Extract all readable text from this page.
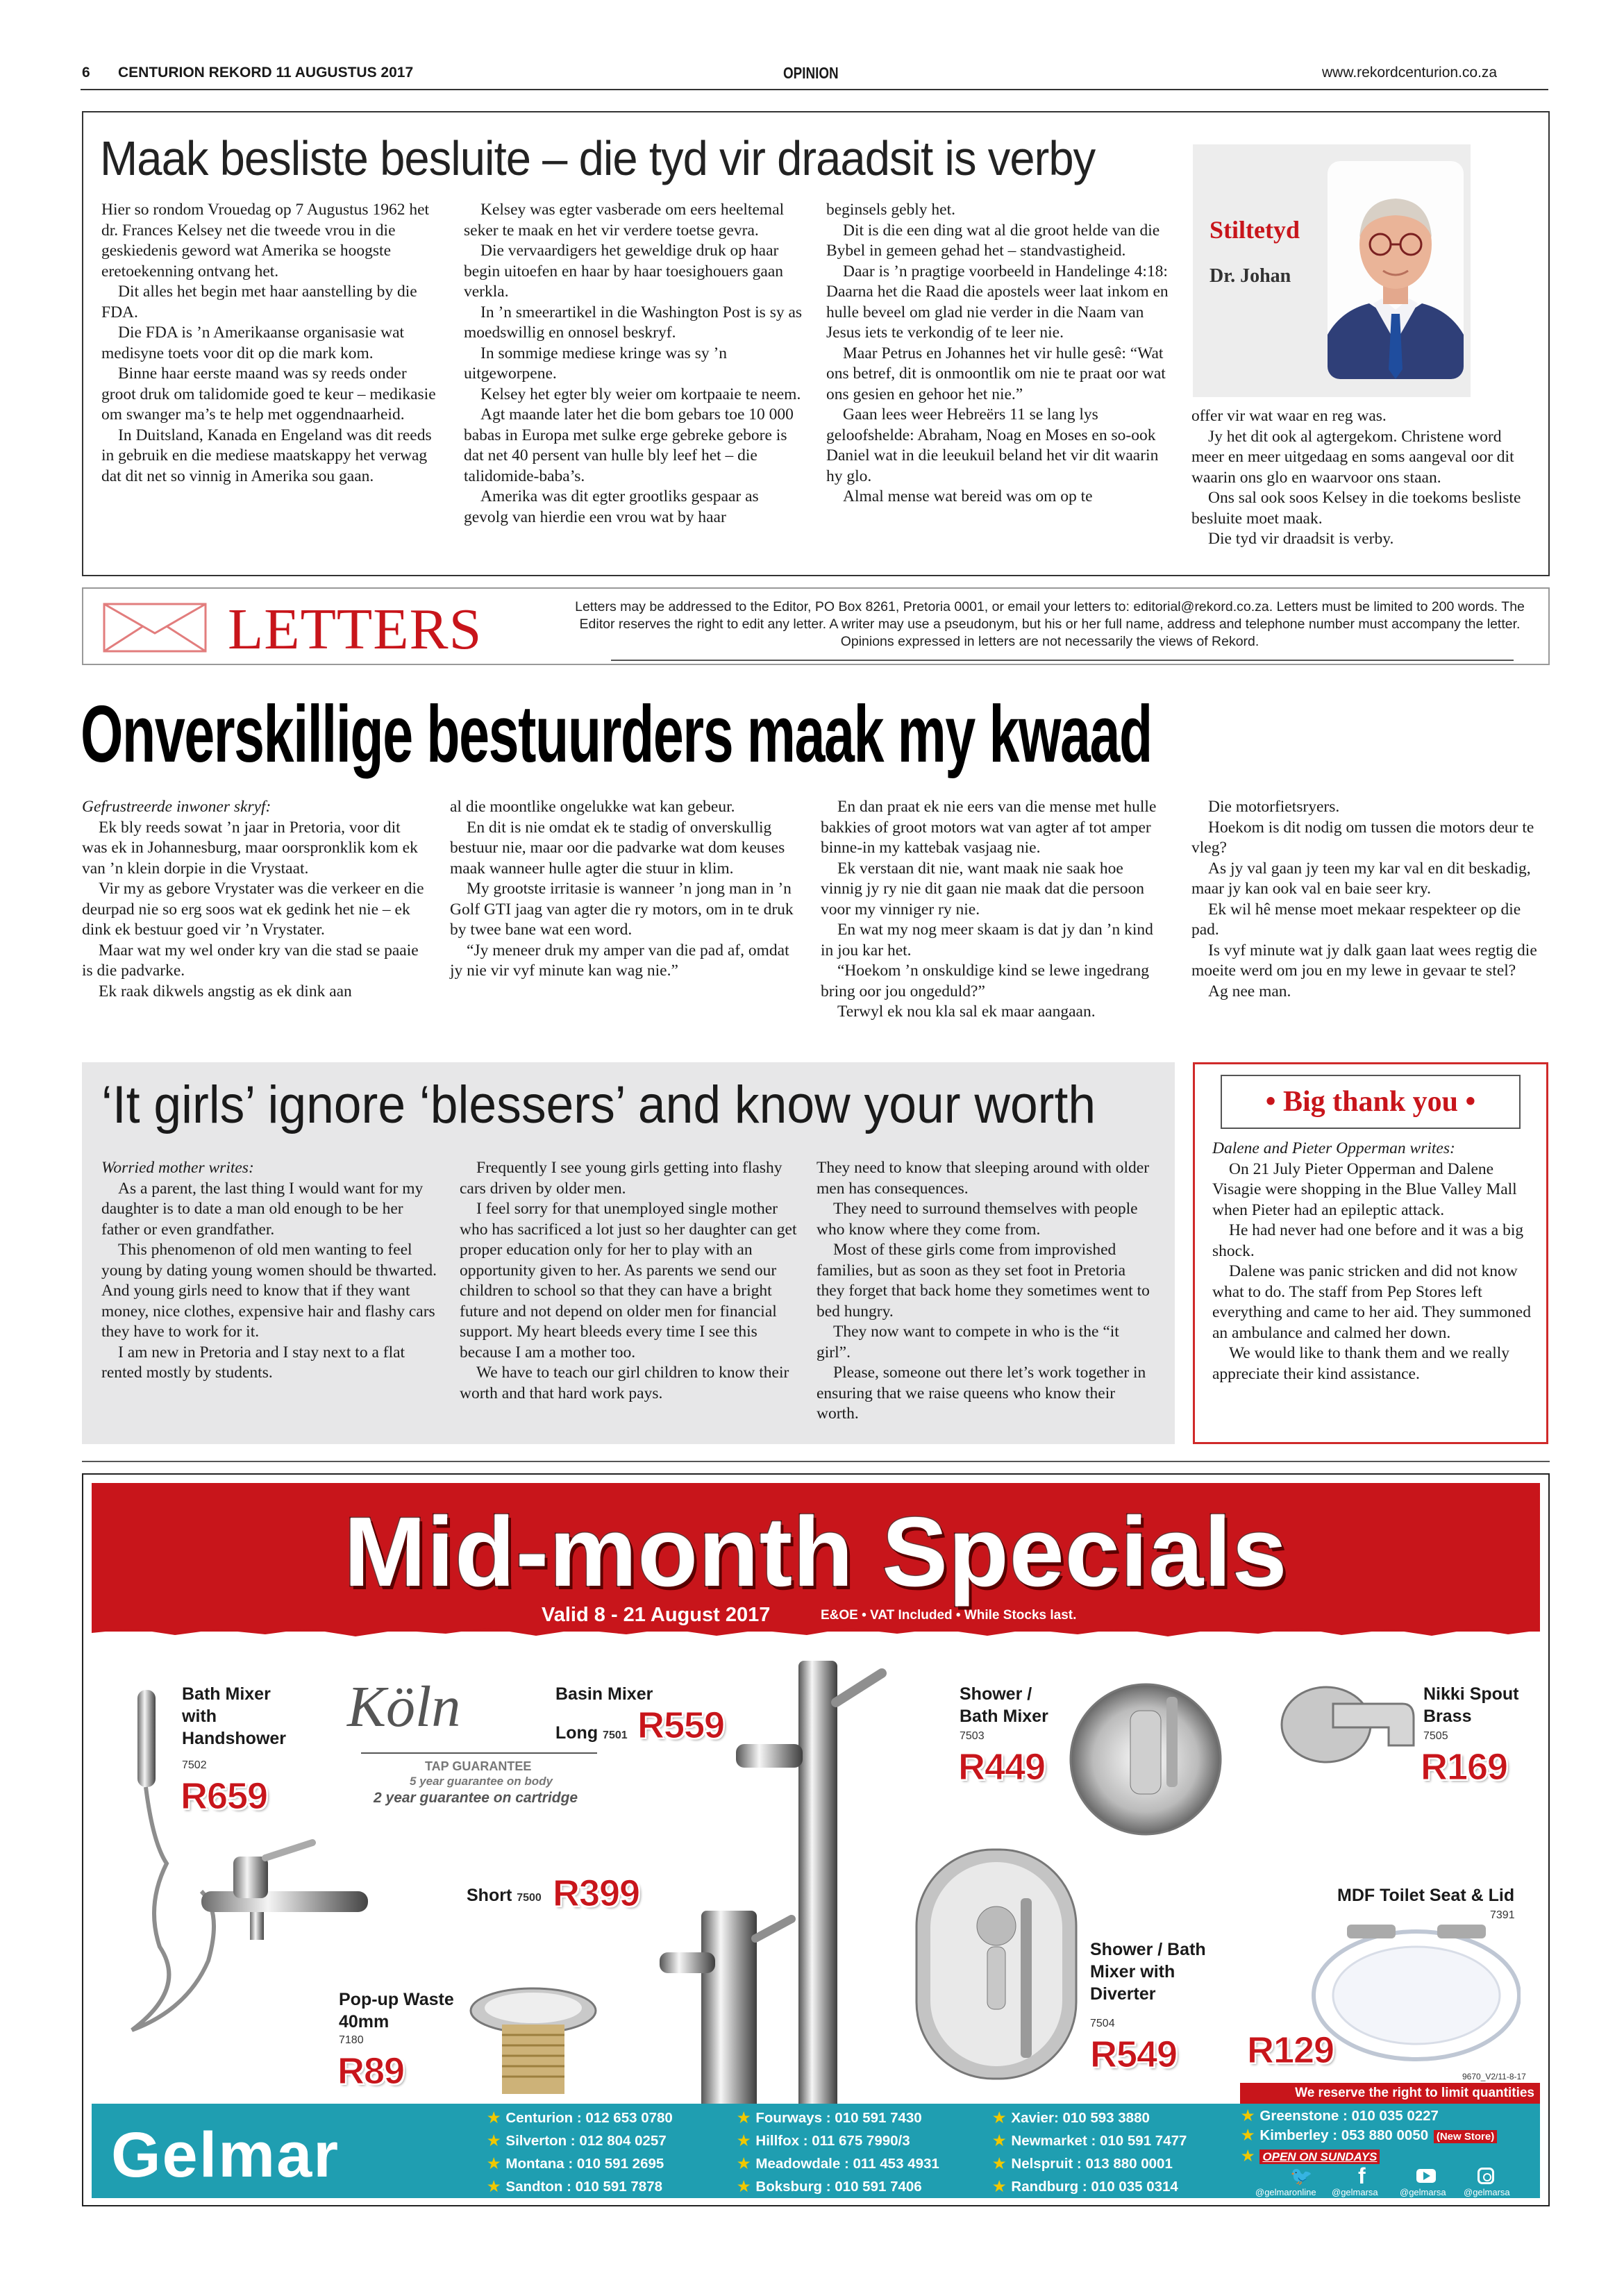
6 CENTURION REKORD 11 AUGUSTUS 2017	OPINION	www.rekordcenturion.co.za
Maak besliste besluite – die tyd vir draadsit is verby

Hier so rondom Vrouedag op 7 Augustus 1962 het dr. Frances Kelsey net die tweede vrou in die geskiedenis geword wat Amerika se hoogste eretoekenning ontvang het.

Dit alles het begin met haar aanstelling by die FDA.

Die FDA is ’n Amerikaanse organisasie wat medisyne toets voor dit op die mark kom.

Binne haar eerste maand was sy reeds onder groot druk om talidomide goed te keur – medikasie om swanger ma’s te help met oggendnaarheid.

In Duitsland, Kanada en Engeland was dit reeds in gebruik en die mediese maatskappy het verwag dat dit net so vinnig in Amerika sou gaan.

Kelsey was egter vasberade om eers heeltemal seker te maak en het vir verdere toetse gevra.

Die vervaardigers het geweldige druk op haar begin uitoefen en haar by haar toesighouers gaan verkla.

In ’n smeerartikel in die Washington Post is sy as moedswillig en onnosel beskryf.

In sommige mediese kringe was sy ’n uitgeworpene.

Kelsey het egter bly weier om kortpaaie te neem.

Agt maande later het die bom gebars toe 10 000 babas in Europa met sulke erge gebreke gebore is dat net 40 persent van hulle bly leef het – die talidomide-baba’s.

Amerika was dit egter grootliks gespaar as gevolg van hierdie een vrou wat by haar

beginsels gebly het.

Dit is die een ding wat al die groot helde van die Bybel in gemeen gehad het – standvastigheid.

Daar is ’n pragtige voorbeeld in Handelinge 4:18: Daarna het die Raad die apostels weer laat inkom en hulle beveel om glad nie verder in die Naam van Jesus iets te verkondig of te leer nie.

Maar Petrus en Johannes het vir hulle gesê: “Wat ons betref, dit is onmoontlik om nie te praat oor wat ons gesien en gehoor het nie.”

Gaan lees weer Hebreërs 11 se lang lys geloofshelde: Abraham, Noag en Moses en so-ook Daniel wat in die leeukuil beland het vir dit waarin hy glo.

Almal mense wat bereid was om op te

offer vir wat waar en reg was.

Jy het dit ook al agtergekom. Christene word meer en meer uitgedaag en soms aangeval oor dit waarin ons glo en waarvoor ons staan.

Ons sal ook soos Kelsey in die toekoms besliste besluite moet maak.

Die tyd vir draadsit is verby.

Stiltetyd
Dr. Johan
LETTERS	Letters may be addressed to the Editor, PO Box 8261, Pretoria 0001, or email your letters to: editorial@rekord.co.za. Letters must be limited to 200 words. The Editor reserves the right to edit any letter. A writer may use a pseudonym, but his or her full name, address and telephone number must accompany the letter. Opinions expressed in letters are not necessarily the views of Rekord.
Onverskillige bestuurders maak my kwaad

Gefrustreerde inwoner skryf:

Ek bly reeds sowat ’n jaar in Pretoria, voor dit was ek in Johannesburg, maar oorspronklik kom ek van ’n klein dorpie in die Vrystaat.

Vir my as gebore Vrystater was die verkeer en die deurpad nie so erg soos wat ek gedink het nie – ek dink ek bestuur goed vir ’n Vrystater.

Maar wat my wel onder kry van die stad se paaie is die padvarke.

Ek raak dikwels angstig as ek dink aan

al die moontlike ongelukke wat kan gebeur.

En dit is nie omdat ek te stadig of onverskullig bestuur nie, maar oor die padvarke wat dom keuses maak wanneer hulle agter die stuur in klim.

My grootste irritasie is wanneer ’n jong man in ’n Golf GTI jaag van agter die ry motors, om in te druk by twee bane wat een word.

“Jy meneer druk my amper van die pad af, omdat jy nie vir vyf minute kan wag nie.”

En dan praat ek nie eers van die mense met hulle bakkies of groot motors wat van agter af tot amper binne-in my kattebak vasjaag nie.

Ek verstaan dit nie, want maak nie saak hoe vinnig jy ry nie dit gaan nie maak dat die persoon voor my vinniger ry nie.

En wat my nog meer skaam is dat jy dan ’n kind in jou kar het.

“Hoekom ’n onskuldige kind se lewe ingedrang bring oor jou ongeduld?”

Terwyl ek nou kla sal ek maar aangaan.

Die motorfietsryers.

Hoekom is dit nodig om tussen die motors deur te vleg?

As jy val gaan jy teen my kar val en dit beskadig, maar jy kan ook val en baie seer kry.

Ek wil hê mense moet mekaar respekteer op die pad.

Is vyf minute wat jy dalk gaan laat wees regtig die moeite werd om jou en my lewe in gevaar te stel?

Ag nee man.

‘It girls’ ignore ‘blessers’ and know your worth

Worried mother writes:

As a parent, the last thing I would want for my daughter is to date a man old enough to be her father or even grandfather.

This phenomenon of old men wanting to feel young by dating young women should be thwarted. And young girls need to know that if they want money, nice clothes, expensive hair and flashy cars they have to work for it.

I am new in Pretoria and I stay next to a flat rented mostly by students.

Frequently I see young girls getting into flashy cars driven by older men.

I feel sorry for that unemployed single mother who has sacrificed a lot just so her daughter can get proper education only for her to play with an opportunity given to her. As parents we send our children to school so that they can have a bright future and not depend on older men for financial support. My heart bleeds every time I see this because I am a mother too.

We have to teach our girl children to know their worth and that hard work pays.

They need to know that sleeping around with older men has consequences.

They need to surround themselves with people who know where they come from.

Most of these girls come from improvished families, but as soon as they set foot in Pretoria they forget that back home they sometimes went to bed hungry.

They now want to compete in who is the “it girl”.

Please, someone out there let’s work together in ensuring that we raise queens who know their worth.

• Big thank you •

Dalene and Pieter Opperman writes:

On 21 July Pieter Opperman and Dalene Visagie were shopping in the Blue Valley Mall when Pieter had an epileptic attack.

He had never had one before and it was a big shock.

Dalene was panic stricken and did not know what to do. The staff from Pep Stores left everything and came to her aid. They summoned an ambulance and calmed her down.

We would like to thank them and we really appreciate their kind assistance.

Mid-month Specials
Valid 8 - 21 August 2017	E&OE • VAT Included • While Stocks last.
Bath Mixer with Handshower
7502
R659
Köln
TAP GUARANTEE
5 year guarantee on body
2 year guarantee on cartridge
Basin Mixer
Long 7501 R559
Short 7500 R399
Pop-up Waste 40mm
7180
R89
Shower / Bath Mixer
7503
R449
Shower / Bath Mixer with Diverter
7504
R549
Nikki Spout Brass
7505
R169
MDF Toilet Seat & Lid
7391
R129
9670_V2/11-8-17
We reserve the right to limit quantities
Gelmar
★ Centurion : 012 653 0780
★ Silverton : 012 804 0257
★ Montana : 010 591 2695
★ Sandton : 010 591 7878
★ Fourways : 010 591 7430
★ Hillfox : 011 675 7990/3
★ Meadowdale : 011 453 4931
★ Boksburg : 010 591 7406
★ Xavier: 010 593 3880
★ Newmarket : 010 591 7477
★ Nelspruit : 013 880 0001
★ Randburg : 010 035 0314
★ Greenstone : 010 035 0227
★ Kimberley : 053 880 0050 (New Store)
★ OPEN ON SUNDAYS
🐦 f
@gelmaronline @gelmarsa @gelmarsa @gelmarsa
